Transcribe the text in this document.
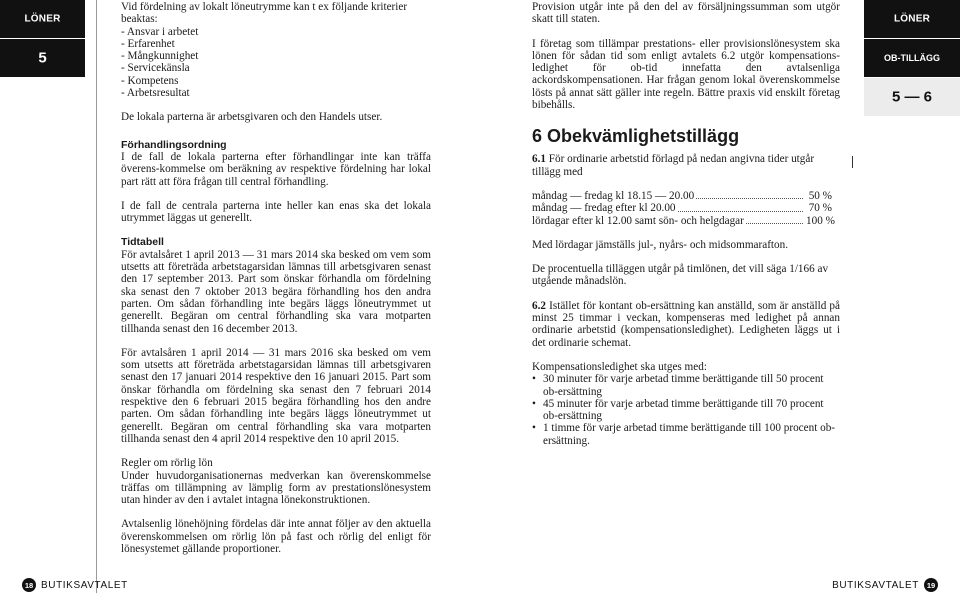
LÖNER
5
LÖNER
OB-TILLÄGG
5 — 6

Vid fördelning av lokalt löneutrymme kan t ex följande kriterier beaktas:

- Ansvar i arbetet
- Erfarenhet
- Mångkunnighet
- Servicekänsla
- Kompetens
- Arbetsresultat

De lokala parterna är arbetsgivaren och den Handels utser.

Förhandlingsordning

I de fall de lokala parterna efter förhandlingar inte kan träffa överens-kommelse om beräkning av respektive fördelning har lokal part rätt att föra frågan till central förhandling.

I de fall de centrala parterna inte heller kan enas ska det lokala utrymmet läggas ut generellt.

Tidtabell

För avtalsåret 1 april 2013 — 31 mars 2014 ska besked om vem som utsetts att företräda arbetstagarsidan lämnas till arbetsgivaren senast den 17 september 2013. Part som önskar förhandla om fördelning ska senast den 7 oktober 2013 begära förhandling hos den andra parten. Om sådan förhandling inte begärs läggs löneutrymmet ut generellt. Begäran om central förhandling ska vara motparten tillhanda senast den 16 december 2013.

För avtalsåren 1 april 2014 — 31 mars 2016 ska besked om vem som utsetts att företräda arbetstagarsidan lämnas till arbetsgivaren senast den 17 januari 2014 respektive den 16 januari 2015. Part som önskar förhandla om fördelning ska senast den 7 februari 2014 respektive den 6 februari 2015 begära förhandling hos den andre parten. Om sådan förhandling inte begärs läggs löneutrymmet ut generellt. Begäran om central förhandling ska vara motparten tillhanda senast den 4 april 2014 respektive den 10 april 2015.

Regler om rörlig lön

Under huvudorganisationernas medverkan kan överenskommelse träffas om tillämpning av lämplig form av prestationslönesystem utan hinder av den i avtalet intagna lönekonstruktionen.

Avtalsenlig lönehöjning fördelas där inte annat följer av den aktuella överenskommelsen om rörlig lön på fast och rörlig del enligt för lönesystemet gällande proportioner.

Provision utgår inte på den del av försäljningssumman som utgör skatt till staten.

I företag som tillämpar prestations- eller provisionslönesystem ska lönen för sådan tid som enligt avtalets 6.2 utgör kompensations-ledighet för ob-tid innefatta den avtalsenliga ackordskompensationen. Har frågan genom lokal överenskommelse lösts på annat sätt gäller inte regeln. Bättre praxis vid enskilt företag bibehålls.

6 Obekvämlighetstillägg

6.1 För ordinarie arbetstid förlagd på nedan angivna tider utgår tillägg med

måndag — fredag kl 18.15 — 20.00	50 %
måndag — fredag efter kl 20.00	70 %
lördagar efter kl 12.00 samt sön- och helgdagar	100 %

Med lördagar jämställs jul-, nyårs- och midsommarafton.

De procentuella tilläggen utgår på timlönen, det vill säga 1/166 av utgående månadslön.

6.2 Istället för kontant ob-ersättning kan anställd, som är anställd på minst 25 timmar i veckan, kompenseras med ledighet på annan ordinarie arbetstid (kompensationsledighet). Ledigheten läggs ut i det ordinarie schemat.

Kompensationsledighet ska utges med:

• 30 minuter för varje arbetad timme berättigande till 50 procent ob-ersättning
• 45 minuter för varje arbetad timme berättigande till 70 procent ob-ersättning
• 1 timme för varje arbetad timme berättigande till 100 procent ob-ersättning.
18 BUTIKSAVTALET	BUTIKSAVTALET	19
